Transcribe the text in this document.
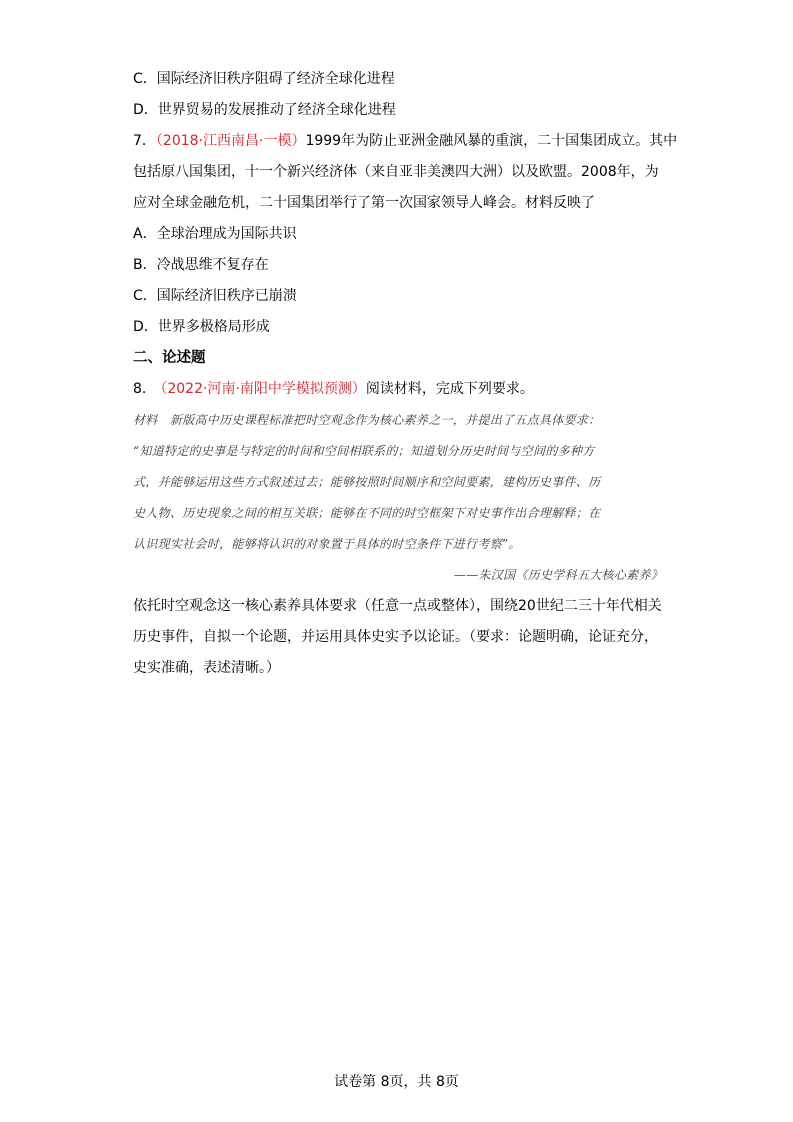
C．国际经济旧秩序阻碍了经济全球化进程
D．世界贸易的发展推动了经济全球化进程
7．（2018·江西南昌·一模）1999年为防止亚洲金融风暴的重演，二十国集团成立。其中
包括原八国集团，十一个新兴经济体（来自亚非美澳四大洲）以及欧盟。2008年，为
应对全球金融危机，二十国集团举行了第一次国家领导人峰会。材料反映了
A．全球治理成为国际共识
B．冷战思维不复存在
C．国际经济旧秩序已崩溃
D．世界多极格局形成
二、论述题
8.　（2022·河南·南阳中学模拟预测）阅读材料，完成下列要求。
材料　新版高中历史课程标准把时空观念作为核心素养之一，并提出了五点具体要求：
“知道特定的史事是与特定的时间和空间相联系的；知道划分历史时间与空间的多种方
式，并能够运用这些方式叙述过去；能够按照时间顺序和空间要素，建构历史事件、历
史人物、历史现象之间的相互关联；能够在不同的时空框架下对史事作出合理解释；在
认识现实社会时，能够将认识的对象置于具体的时空条件下进行考察”。
——朱汉国《历史学科五大核心素养》
依托时空观念这一核心素养具体要求（任意一点或整体），围绕20世纪二三十年代相关
历史事件，自拟一个论题，并运用具体史实予以论证。（要求：论题明确，论证充分，
史实准确，表述清晰。）
试卷第 8页，共 8页
